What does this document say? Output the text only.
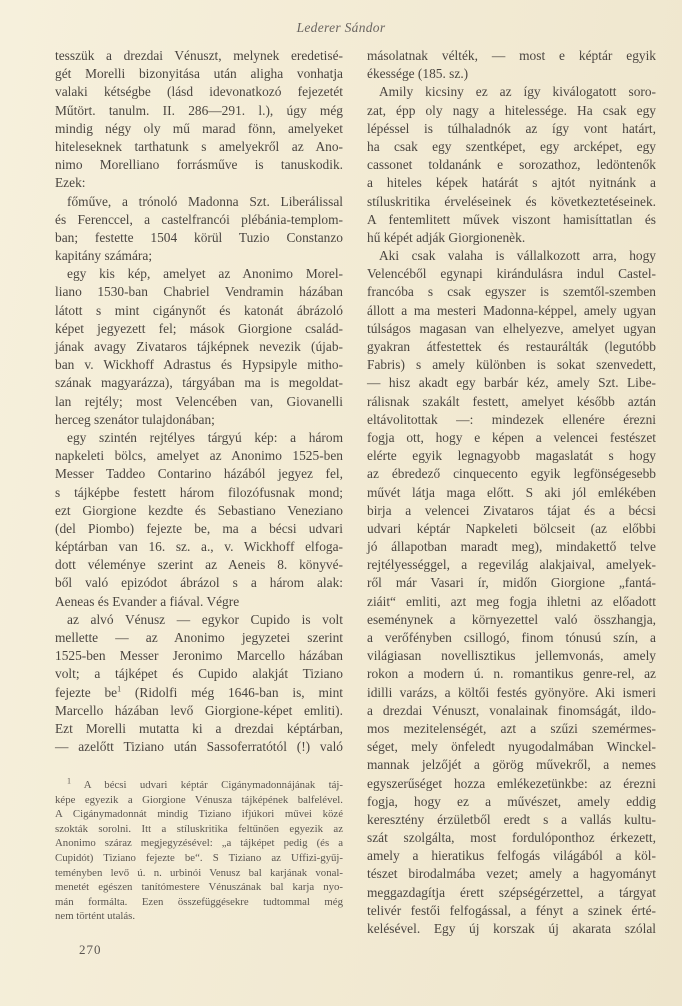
Lederer Sándor
tesszük a drezdai Vénuszt, melynek eredetisé-
gét Morelli bizonyitása után aligha vonhatja
valaki kétségbe (lásd idevonatkozó fejezetét
Műtört. tanulm. II. 286—291. l.), úgy még
mindig négy oly mű marad fönn, amelyeket
hiteleseknek tarthatunk s amelyekről az Ano-
nimo Morelliano forrásműve is tanuskodik.
Ezek:
főműve, a trónoló Madonna Szt. Liberálissal
és Ferenccel, a castelfrancói plébánia-templom-
ban; festette 1504 körül Tuzio Constanzo
kapitány számára;
egy kis kép, amelyet az Anonimo Morel-
liano 1530-ban Chabriel Vendramin házában
látott s mint cigánynőt és katonát ábrázoló
képet jegyezett fel; mások Giorgione család-
jának avagy Zivataros tájképnek nevezik (újab-
ban v. Wickhoff Adrastus és Hypsipyle mitho-
szának magyarázza), tárgyában ma is megoldat-
lan rejtély; most Velencében van, Giovanelli
herceg szenátor tulajdonában;
egy szintén rejtélyes tárgyú kép: a három
napkeleti bölcs, amelyet az Anonimo 1525-ben
Messer Taddeo Contarino házából jegyez fel,
s tájképbe festett három filozófusnak mond;
ezt Giorgione kezdte és Sebastiano Veneziano
(del Piombo) fejezte be, ma a bécsi udvari
képtárban van 16. sz. a., v. Wickhoff elfoga-
dott véleménye szerint az Aeneis 8. könyvé-
ből való epizódot ábrázol s a három alak:
Aeneas és Evander a fiával. Végre
az alvó Vénusz — egykor Cupido is volt
mellette — az Anonimo jegyzetei szerint
1525-ben Messer Jeronimo Marcello házában
volt; a tájképet és Cupido alakját Tiziano
fejezte $be^1$ (Ridolfi még 1646-ban is, mint
Marcello házában levő Giorgione-képet emliti).
Ezt Morelli mutatta ki a drezdai képtárban,
— azelőtt Tiziano után Sassoferratótól (!) való
másolatnak vélték, — most e képtár egyik
ékessége (185. sz.)
Amily kicsiny ez az így kiválogatott soro-
zat, épp oly nagy a hitelessége. Ha csak egy
lépéssel is túlhaladnók az így vont határt,
ha csak egy szentképet, egy arcképet, egy
cassonet toldanánk e sorozathoz, ledöntenők
a hiteles képek határát s ajtót nyitnánk a
stíluskritika érveléseinek és következtetéseinek.
A fentemlitett művek viszont hamisíttatlan és
hű képét adják Giorgionenèk.
Aki csak valaha is vállalkozott arra, hogy
Velencéből egynapi kirándulásra indul Castel-
francóba s csak egyszer is szemtől-szemben
állott a ma mesteri Madonna-képpel, amely ugyan
túlságos magasan van elhelyezve, amelyet ugyan
gyakran átfestettek és restaurálták (legutóbb
Fabris) s amely különben is sokat szenvedett,
— hisz akadt egy barbár kéz, amely Szt. Libe-
rálisnak szakált festett, amelyet később aztán
eltávolitottak —: mindezek ellenére érezni
fogja ott, hogy e képen a velencei festészet
elérte egyik legnagyobb magaslatát s hogy
az ébredező cinquecento egyik legfönségesebb
művét látja maga előtt. S aki jól emlékében
birja a velencei Zivataros tájat és a bécsi
udvari képtár Napkeleti bölcseit (az előbbi
jó állapotban maradt meg), mindakettő telve
rejtélyességgel, a regevilág alakjaival, amelyek-
ről már Vasari ír, midőn Giorgione „fantá-
ziáit“ emliti, azt meg fogja ihletni az előadott
eseménynek a környezettel való összhangja,
a verőfényben csillogó, finom tónusú szín, a
világiasan novellisztikus jellemvonás, amely
rokon a modern ú. n. romantikus genre-rel, az
idilli varázs, a költői festés gyönyöre. Aki ismeri
a drezdai Vénuszt, vonalainak finomságát, ildo-
mos mezitelenségét, azt a szűzi szemérmes-
séget, mely önfeledt nyugodalmában Winckel-
mannak jelzőjét a görög művekről, a nemes
egyszerűséget hozza emlékezetünkbe: az érezni
fogja, hogy ez a művészet, amely eddig
keresztény érzületből eredt s a vallás kultu-
szát szolgálta, most fordulóponthoz érkezett,
amely a hieratikus felfogás világából a köl-
tészet birodalmába vezet; amely a hagyományt
meggazdagítja érett szépségérzettel, a tárgyat
telivér festői felfogással, a fényt a szinek érté-
kelésével. Egy új korszak új akarata szólal
$^1$ A bécsi udvari képtár Cigánymadonnájának táj-
képe egyezik a Giorgione Vénusza tájképének balfelével.
A Cigánymadonnát mindig Tiziano ifjúkori művei közé
szokták sorolni. Itt a stíluskritika feltűnően egyezik az
Anonimo száraz megjegyzésével: „a tájképet pedig (és a
Cupidót) Tiziano fejezte be“. S Tiziano az Uffizi-gyűj-
teményben levő ú. n. urbinói Venusz bal karjának vonal-
menetét egészen tanítómestere Vénuszának bal karja nyo-
mán formálta. Ezen összefüggésekre tudtommal még
nem történt utalás.
270
